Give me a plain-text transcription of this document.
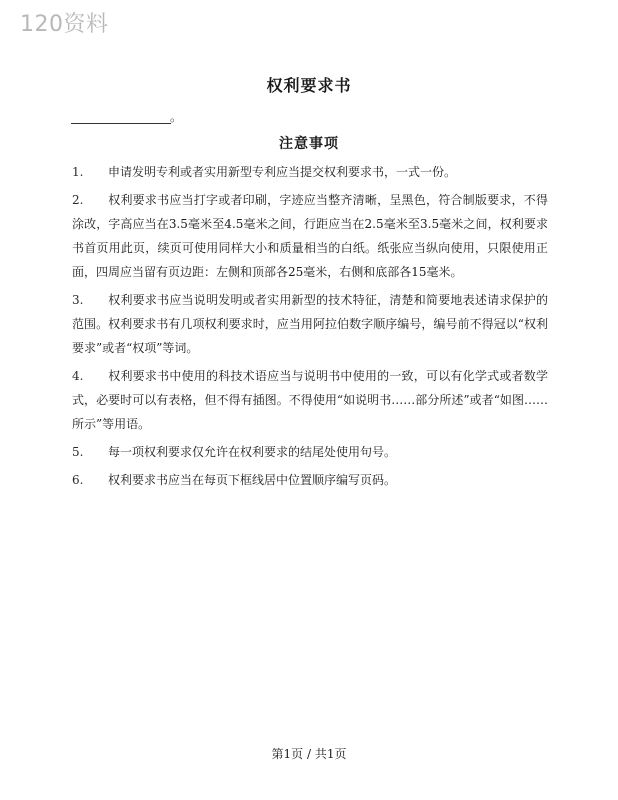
120资料
权利要求书
。
注意事项
1. 申请发明专利或者实用新型专利应当提交权利要求书，一式一份。
2. 权利要求书应当打字或者印刷，字迹应当整齐清晰，呈黑色，符合制版要求，不得涂改，字高应当在3.5毫米至4.5毫米之间，行距应当在2.5毫米至3.5毫米之间，权利要求书首页用此页，续页可使用同样大小和质量相当的白纸。纸张应当纵向使用，只限使用正面，四周应当留有页边距：左侧和顶部各25毫米，右侧和底部各15毫米。
3. 权利要求书应当说明发明或者实用新型的技术特征，清楚和简要地表述请求保护的范围。权利要求书有几项权利要求时，应当用阿拉伯数字顺序编号，编号前不得冠以“权利要求”或者“权项”等词。
4. 权利要求书中使用的科技术语应当与说明书中使用的一致，可以有化学式或者数学式，必要时可以有表格，但不得有插图。不得使用“如说明书……部分所述”或者“如图……所示”等用语。
5. 每一项权利要求仅允许在权利要求的结尾处使用句号。
6. 权利要求书应当在每页下框线居中位置顺序编写页码。
第1页 / 共1页
